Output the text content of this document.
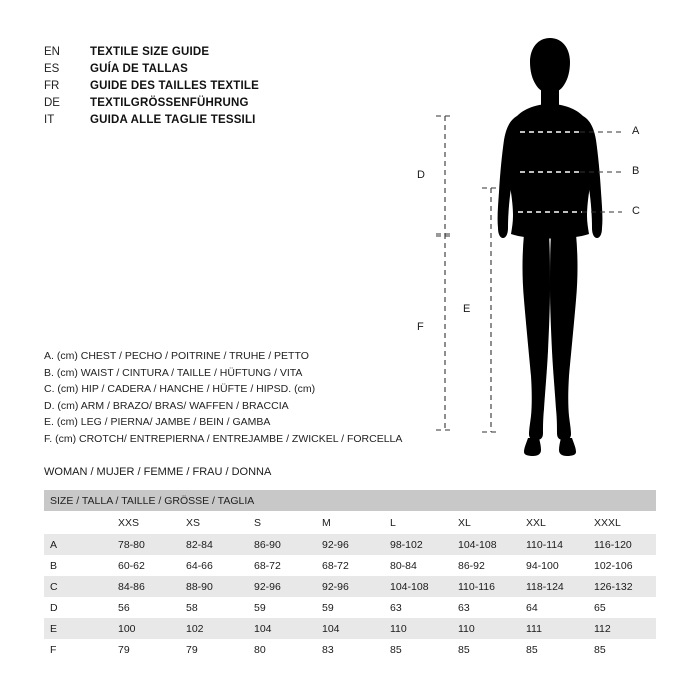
EN	TEXTILE SIZE GUIDE
ES	GUÍA DE TALLAS
FR	GUIDE DES TAILLES TEXTILE
DE	TEXTILGRÖSSENFÜHRUNG
IT	GUIDA ALLE TAGLIE TESSILI
A. (cm) CHEST / PECHO / POITRINE / TRUHE / PETTO
B. (cm) WAIST / CINTURA / TAILLE / HÜFTUNG / VITA
C. (cm) HIP / CADERA / HANCHE / HÜFTE / HIPSD. (cm)
D. (cm) ARM / BRAZO/ BRAS/ WAFFEN / BRACCIA
E. (cm) LEG / PIERNA/ JAMBE / BEIN / GAMBA
F. (cm) CROTCH/ ENTREPIERNA / ENTREJAMBE / ZWICKEL / FORCELLA
WOMAN / MUJER / FEMME / FRAU / DONNA
SIZE / TALLA / TAILLE / GRÖSSE / TAGLIA								
	XXS	XS	S	M	L	XL	XXL	XXXL
A	78-80	82-84	86-90	92-96	98-102	104-108	110-114	116-120
B	60-62	64-66	68-72	68-72	80-84	86-92	94-100	102-106
C	84-86	88-90	92-96	92-96	104-108	110-116	118-124	126-132
D	56	58	59	59	63	63	64	65
E	100	102	104	104	110	110	111	112
F	79	79	80	83	85	85	85	85
A
B
C
D
E
F
